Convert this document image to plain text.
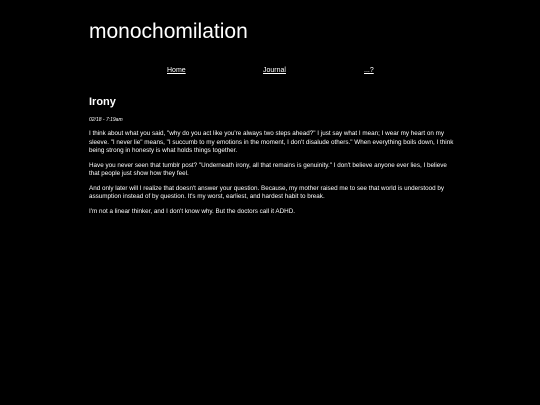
monochomilation
Home	Journal	...?
Irony

02/18 - 7:19am

I think about what you said, "why do you act like you're always two steps ahead?" I just say what I mean; I wear my heart on my sleeve. "I never lie" means, "I succumb to my emotions in the moment, I don't disalude others." When everything boils down, I think being strong in honesty is what holds things together.

Have you never seen that tumblr post? "Underneath irony, all that remains is genuinity." I don't believe anyone ever lies, I believe that people just show how they feel.

And only later will I realize that doesn't answer your question. Because, my mother raised me to see that world is understood by assumption instead of by question. It's my worst, earliest, and hardest habit to break.

I'm not a linear thinker, and I don't know why. But the doctors call it ADHD.
